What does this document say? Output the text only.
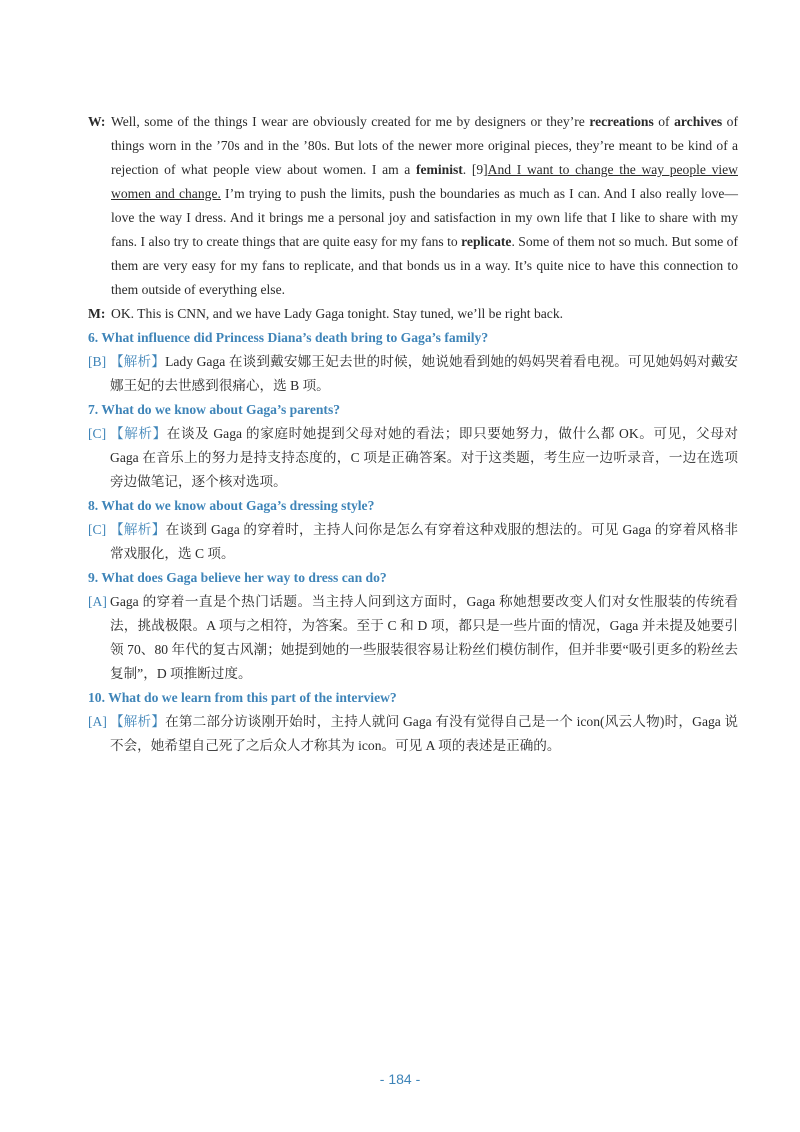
W: Well, some of the things I wear are obviously created for me by designers or they’re recreations of archives of things worn in the ’70s and in the ’80s. But lots of the newer more original pieces, they’re meant to be kind of a rejection of what people view about women. I am a feminist. [9]And I want to change the way people view women and change. I’m trying to push the limits, push the boundaries as much as I can. And I also really love—love the way I dress. And it brings me a personal joy and satisfaction in my own life that I like to share with my fans. I also try to create things that are quite easy for my fans to replicate. Some of them not so much. But some of them are very easy for my fans to replicate, and that bonds us in a way. It’s quite nice to have this connection to them outside of everything else.
M: OK. This is CNN, and we have Lady Gaga tonight. Stay tuned, we’ll be right back.
6. What influence did Princess Diana’s death bring to Gaga’s family?
[B] 【解析】Lady Gaga 在谈到戴安娜王妃去世的时候，她说她看到她的妈妈哭着看电视。可见她妈妈对戴安娜王妃的去世感到很痛心，选 B 项。
7. What do we know about Gaga’s parents?
[C] 【解析】在谈及 Gaga 的家庭时她提到父母对她的看法；即只要她努力，做什么都 OK。可见，父母对 Gaga 在音乐上的努力是持支持态度的，C 项是正确答案。对于这类题，考生应一边听录音，一边在选项旁边做笔记，逐个核对选项。
8. What do we know about Gaga’s dressing style?
[C] 【解析】在谈到 Gaga 的穿着时，主持人问你是怎么有穿着这种戏服的想法的。可见 Gaga 的穿着风格非常戏服化，选 C 项。
9. What does Gaga believe her way to dress can do?
[A] Gaga 的穿着一直是个热门话题。当主持人问到这方面时，Gaga 称她想要改变人们对女性服装的传统看法，挑战极限。A 项与之相符，为答案。至于 C 和 D 项，都只是一些片面的情况，Gaga 并未提及她要引领 70、80 年代的复古风潮；她提到她的一些服装很容易让粉丝们模仿制作，但并非要“吸引更多的粉丝去复制”，D 项推断过度。
10. What do we learn from this part of the interview?
[A] 【解析】在第二部分访谈刚开始时，主持人就问 Gaga 有没有觉得自己是一个 icon(风云人物)时，Gaga 说不会，她希望自己死了之后众人才称其为 icon。可见 A 项的表述是正确的。
- 184 -
